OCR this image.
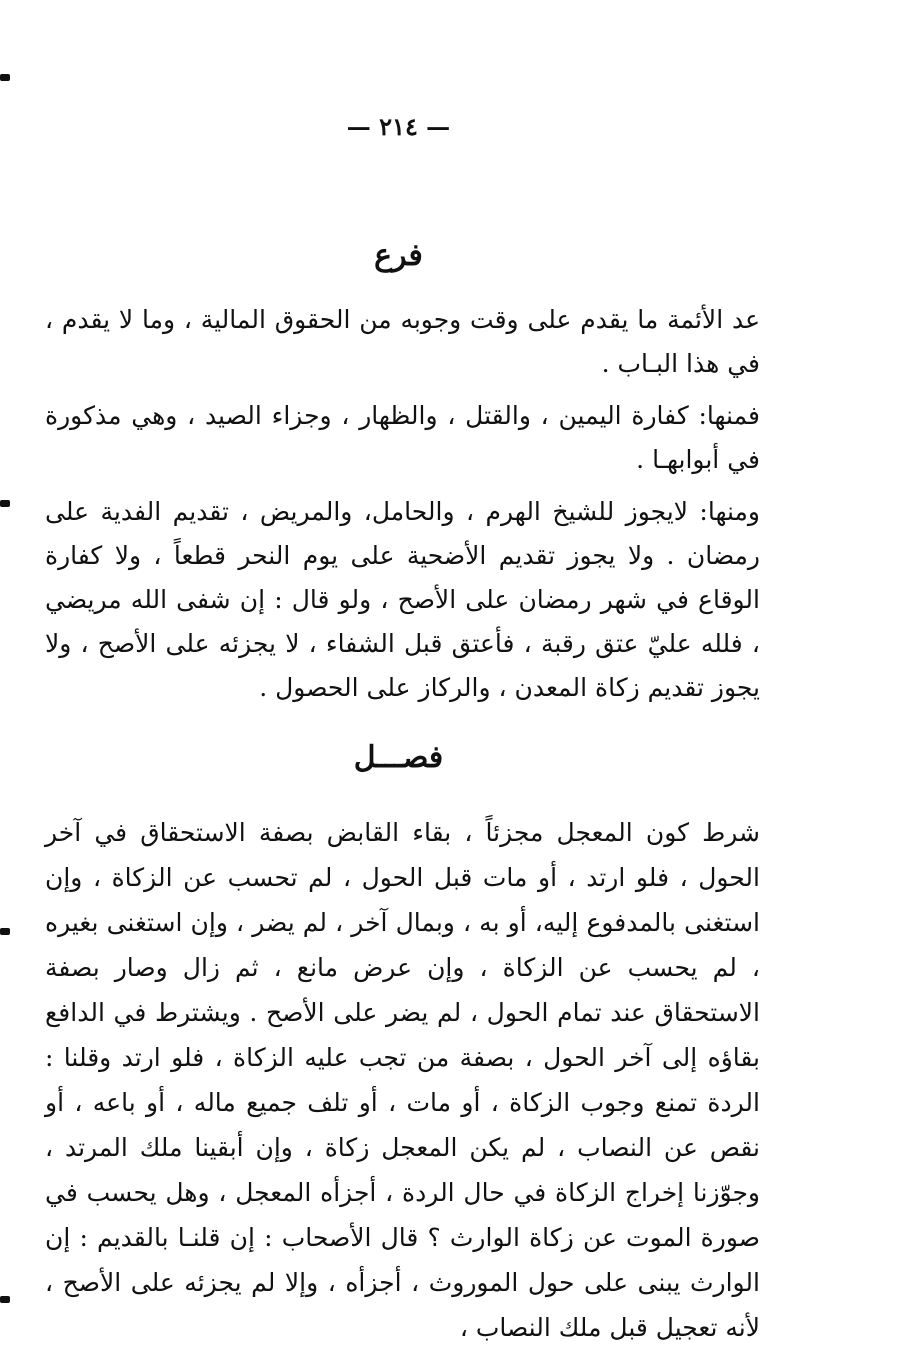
— ٢١٤ —
فرع

عد الأئمة ما يقدم على وقت وجوبه من الحقوق المالية ، وما لا يقدم ، في هذا البـاب .

فمنها: كفارة اليمين ، والقتل ، والظهار ، وجزاء الصيد ، وهي مذكورة في أبوابهـا .

ومنها: لايجوز للشيخ الهرم ، والحامل، والمريض ، تقديم الفدية على رمضان . ولا يجوز تقديم الأضحية على يوم النحر قطعاً ، ولا كفارة الوقاع في شهر رمضان على الأصح ، ولو قال : إن شفى الله مريضي ، فلله عليّ عتق رقبة ، فأعتق قبل الشفاء ، لا يجزئه على الأصح ، ولا يجوز تقديم زكاة المعدن ، والركاز على الحصول .

فصـــل

شرط كون المعجل مجزئاً ، بقاء القابض بصفة الاستحقاق في آخر الحول ، فلو ارتد ، أو مات قبل الحول ، لم تحسب عن الزكاة ، وإن استغنى بالمدفوع إليه، أو به ، وبمال آخر ، لم يضر ، وإن استغنى بغيره ، لم يحسب عن الزكاة ، وإن عرض مانع ، ثم زال وصار بصفة الاستحقاق عند تمام الحول ، لم يضر على الأصح . ويشترط في الدافع بقاؤه إلى آخر الحول ، بصفة من تجب عليه الزكاة ، فلو ارتد وقلنا : الردة تمنع وجوب الزكاة ، أو مات ، أو تلف جميع ماله ، أو باعه ، أو نقص عن النصاب ، لم يكن المعجل زكاة ، وإن أبقينا ملك المرتد ، وجوّزنا إخراج الزكاة في حال الردة ، أجزأه المعجل ، وهل يحسب في صورة الموت عن زكاة الوارث ؟ قال الأصحاب : إن قلنـا بالقديم : إن الوارث يبنى على حول الموروث ، أجزأه ، وإلا لم يجزئه على الأصح ، لأنه تعجيل قبل ملك النصاب ،
